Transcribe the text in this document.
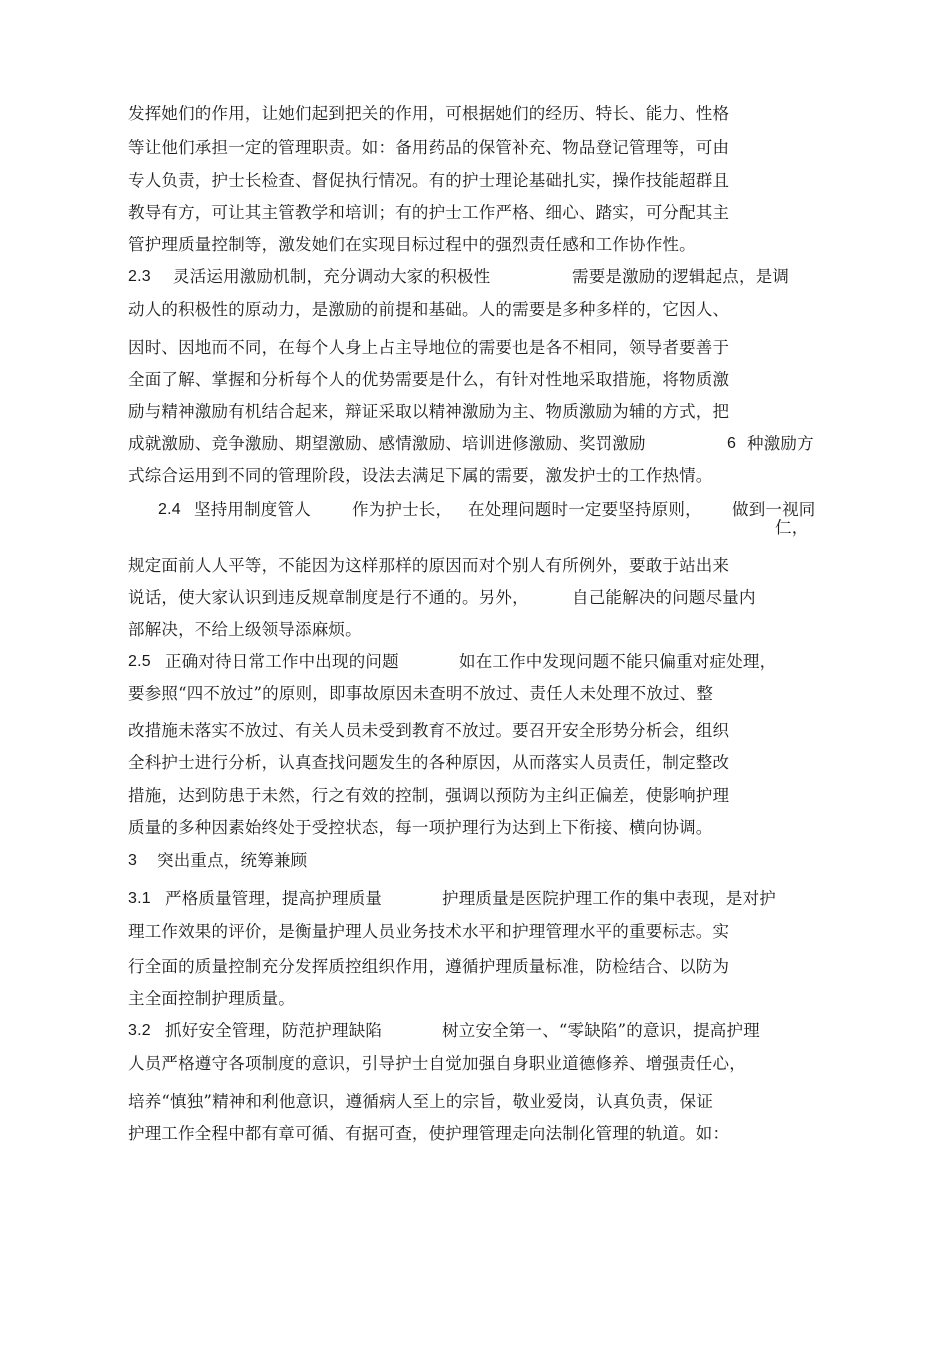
发挥她们的作用，让她们起到把关的作用，可根据她们的经历、特长、能力、性格
等让他们承担一定的管理职责。如：备用药品的保管补充、物品登记管理等，可由
专人负责，护士长检查、督促执行情况。有的护士理论基础扎实，操作技能超群且
教导有方，可让其主管教学和培训；有的护士工作严格、细心、踏实，可分配其主
管护理质量控制等，激发她们在实现目标过程中的强烈责任感和工作协作性。
2.3 灵活运用激励机制，充分调动大家的积极性	需要是激励的逻辑起点，是调
动人的积极性的原动力，是激励的前提和基础。人的需要是多种多样的，它因人、
因时、因地而不同，在每个人身上占主导地位的需要也是各不相同，领导者要善于
全面了解、掌握和分析每个人的优势需要是什么，有针对性地采取措施，将物质激
励与精神激励有机结合起来，辩证采取以精神激励为主、物质激励为辅的方式，把
成就激励、竞争激励、期望激励、感情激励、培训进修激励、奖罚激励	6 种激励方
式综合运用到不同的管理阶段，设法去满足下属的需要，激发护士的工作热情。
2.4 坚持用制度管人 作为护士长， 在处理问题时一定要坚持原则， 做到一视同
仁，
规定面前人人平等，不能因为这样那样的原因而对个别人有所例外，要敢于站出来
说话，使大家认识到违反规章制度是行不通的。另外，	自己能解决的问题尽量内
部解决，不给上级领导添麻烦。
2.5 正确对待日常工作中出现的问题	如在工作中发现问题不能只偏重对症处理，
要参照“四不放过”的原则，即事故原因未查明不放过、责任人未处理不放过、整
改措施未落实不放过、有关人员未受到教育不放过。要召开安全形势分析会，组织
全科护士进行分析，认真查找问题发生的各种原因，从而落实人员责任，制定整改
措施，达到防患于未然，行之有效的控制，强调以预防为主纠正偏差，使影响护理
质量的多种因素始终处于受控状态，每一项护理行为达到上下衔接、横向协调。
3 突出重点，统筹兼顾
3.1 严格质量管理，提高护理质量	护理质量是医院护理工作的集中表现，是对护
理工作效果的评价，是衡量护理人员业务技术水平和护理管理水平的重要标志。实
行全面的质量控制充分发挥质控组织作用，遵循护理质量标准，防检结合、以防为
主全面控制护理质量。
3.2 抓好安全管理，防范护理缺陷	树立安全第一、“零缺陷”的意识，提高护理
人员严格遵守各项制度的意识，引导护士自觉加强自身职业道德修养、增强责任心，
培养“慎独”精神和利他意识，遵循病人至上的宗旨，敬业爱岗，认真负责，保证
护理工作全程中都有章可循、有据可查，使护理管理走向法制化管理的轨道。如：
